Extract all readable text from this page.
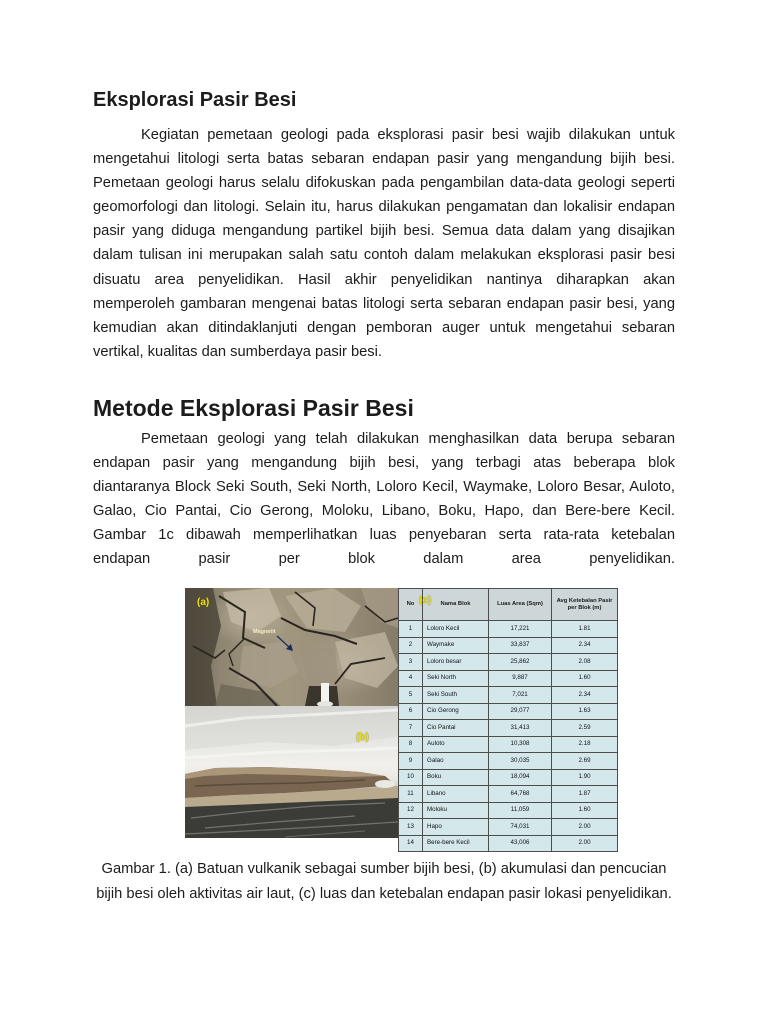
Eksplorasi Pasir Besi
Kegiatan pemetaan geologi pada eksplorasi pasir besi wajib dilakukan untuk
mengetahui litologi serta batas sebaran endapan pasir yang mengandung bijih besi.
Pemetaan geologi harus selalu difokuskan pada pengambilan data-data geologi seperti
geomorfologi dan litologi. Selain itu, harus dilakukan pengamatan dan lokalisir endapan
pasir yang diduga mengandung partikel bijih besi. Semua data dalam yang disajikan
dalam tulisan ini merupakan salah satu contoh dalam melakukan eksplorasi pasir besi
disuatu area penyelidikan. Hasil akhir penyelidikan nantinya diharapkan akan
memperoleh gambaran mengenai batas litologi serta sebaran endapan pasir besi, yang
kemudian akan ditindaklanjuti dengan pemboran auger untuk mengetahui sebaran
vertikal, kualitas dan sumberdaya pasir besi.
Metode Eksplorasi Pasir Besi
Pemetaan geologi yang telah dilakukan menghasilkan data berupa sebaran
endapan pasir yang mengandung bijih besi, yang terbagi atas beberapa blok
diantaranya Block Seki South, Seki North, Loloro Kecil, Waymake, Loloro Besar, Auloto,
Galao, Cio Pantai, Cio Gerong, Moloku, Libano, Boku, Hapo, dan Bere-bere Kecil.
Gambar 1c dibawah memperlihatkan luas penyebaran serta rata-rata ketebalan
endapan pasir per blok dalam area penyelidikan.
(a)
Magnetit
(b)
No	Nama Blok	Luas Area (Sqm)	Avg Ketebalan Pasir per Blok (m)
1	Loloro Kecil	17,221	1.81
2	Waymake	33,837	2.34
3	Loloro besar	25,862	2.08
4	Seki North	9,887	1.60
5	Seki South	7,021	2.34
6	Cio Gerong	29,077	1.63
7	Cio Pantai	31,413	2.59
8	Auloto	10,308	2.18
9	Galao	30,035	2.69
10	Boku	18,094	1.90
11	Libano	64,768	1.87
12	Moloku	11,059	1.60
13	Hapo	74,031	2.00
14	Bere-bere Kecil	43,006	2.00
(c)
Gambar 1. (a) Batuan vulkanik sebagai sumber bijih besi, (b) akumulasi dan pencucian
bijih besi oleh aktivitas air laut, (c) luas dan ketebalan endapan pasir lokasi penyelidikan.
